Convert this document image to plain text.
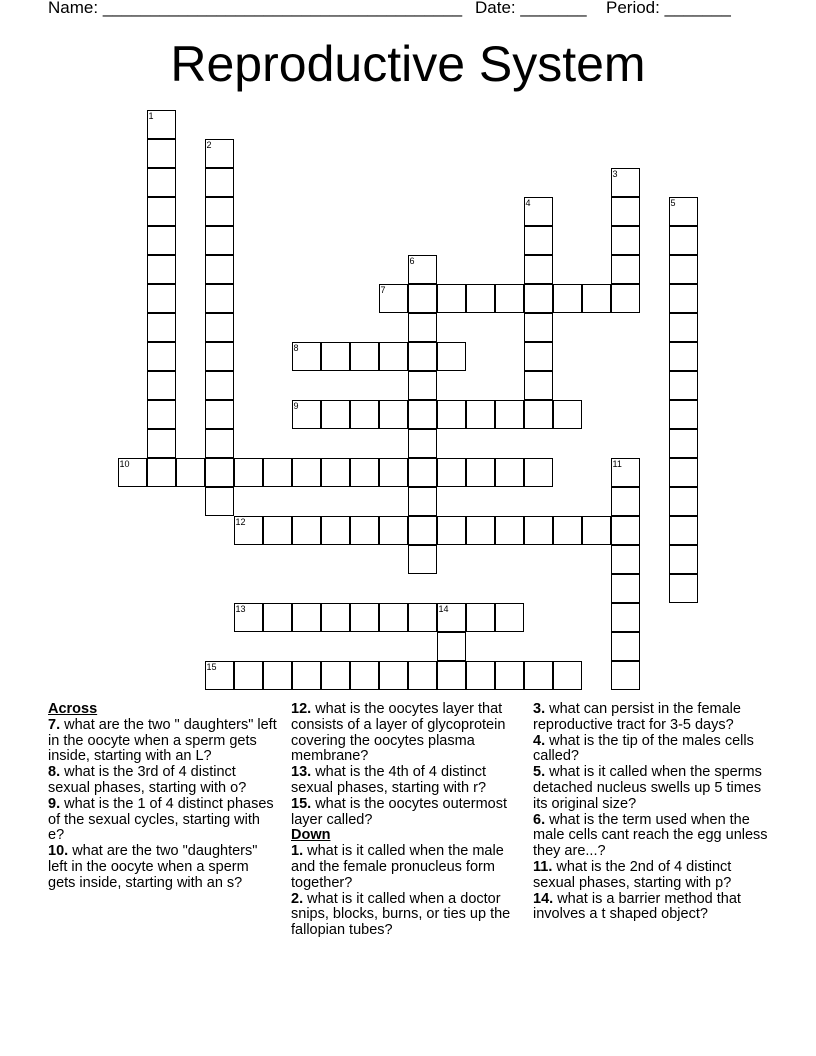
Name: ______________________________________ Date: _______ Period: _______
Reproductive System
1
2
3
4	5
6
7
8
9
10	11
12
13	14
15
Across
7. what are the two " daughters" left in the oocyte when a sperm gets inside, starting with an L?
8. what is the 3rd of 4 distinct sexual phases, starting with o?
9. what is the 1 of 4 distinct phases of the sexual cycles, starting with e?
10. what are the two "daughters" left in the oocyte when a sperm gets inside, starting with an s?
12. what is the oocytes layer that consists of a layer of glycoprotein covering the oocytes plasma membrane?
13. what is the 4th of 4 distinct sexual phases, starting with r?
15. what is the oocytes outermost layer called?
Down
1. what is it called when the male and the female pronucleus form together?
2. what is it called when a doctor snips, blocks, burns, or ties up the fallopian tubes?
3. what can persist in the female reproductive tract for 3-5 days?
4. what is the tip of the males cells called?
5. what is it called when the sperms detached nucleus swells up 5 times its original size?
6. what is the term used when the male cells cant reach the egg unless they are...?
11. what is the 2nd of 4 distinct sexual phases, starting with p?
14. what is a barrier method that involves a t shaped object?
